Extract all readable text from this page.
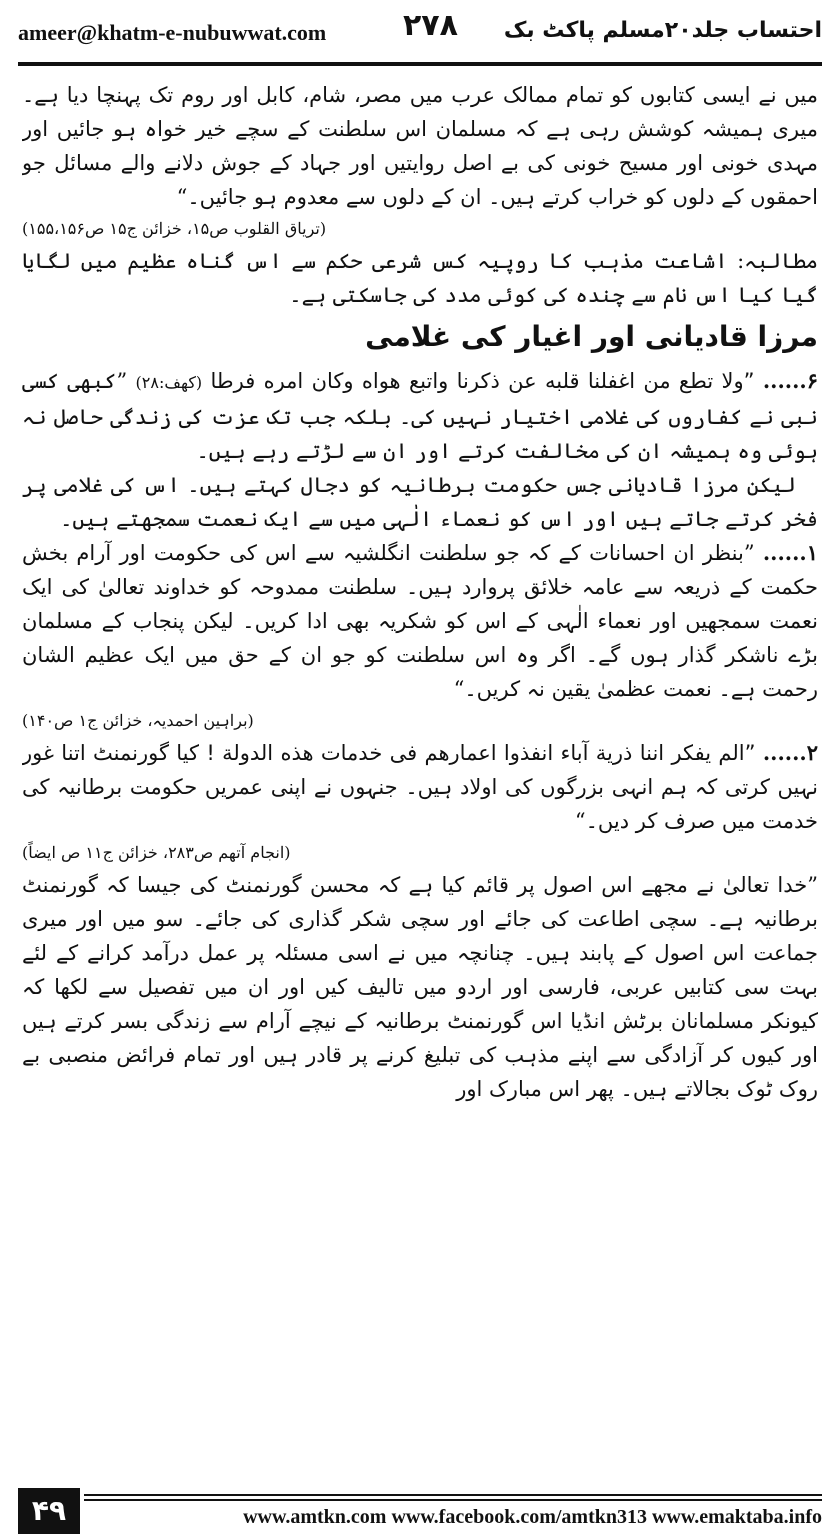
ameer@khatm-e-nubuwwat.com	۲۷۸ احتساب جلد۲۰مسلم پاکٹ بک

میں نے ایسی کتابوں کو تمام ممالک عرب میں مصر، شام، کابل اور روم تک پہنچا دیا ہے۔ میری ہمیشہ کوشش رہی ہے کہ مسلمان اس سلطنت کے سچے خیر خواہ ہو جائیں اور مہدی خونی اور مسیح خونی کی بے اصل روایتیں اور جہاد کے جوش دلانے والے مسائل جو احمقوں کے دلوں کو خراب کرتے ہیں۔ ان کے دلوں سے معدوم ہو جائیں۔“

(تریاق القلوب ص۱۵، خزائن ج۱۵ ص۱۵۵،۱۵۶)

مطالبہ: اشاعت مذہب کا روپیہ کس شرعی حکم سے اس گناہ عظیم میں لگایا گیا کیا اس نام سے چندہ کی کوئی مدد کی جاسکتی ہے۔

مرزا قادیانی اور اغیار کی غلامی

۶...... ”ولا تطع من اغفلنا قلبه عن ذكرنا واتبع هواه وكان امره فرطا (کھف:۲۸) ”کبھی کسی نبی نے کفاروں کی غلامی اختیار نہیں کی۔ بلکہ جب تک عزت کی زندگی حاصل نہ ہوئی وہ ہمیشہ ان کی مخالفت کرتے اور ان سے لڑتے رہے ہیں۔

لیکن مرزا قادیانی جس حکومت برطانیہ کو دجال کہتے ہیں۔ اس کی غلامی پر فخر کرتے جاتے ہیں اور اس کو نعماء الٰہی میں سے ایک نعمت سمجھتے ہیں۔

۱...... ”بنظر ان احسانات کے کہ جو سلطنت انگلشیہ سے اس کی حکومت اور آرام بخش حکمت کے ذریعہ سے عامہ خلائق پروارد ہیں۔ سلطنت ممدوحہ کو خداوند تعالیٰ کی ایک نعمت سمجھیں اور نعماء الٰہی کے اس کو شکریہ بھی ادا کریں۔ لیکن پنجاب کے مسلمان بڑے ناشکر گذار ہوں گے۔ اگر وہ اس سلطنت کو جو ان کے حق میں ایک عظیم الشان رحمت ہے۔ نعمت عظمیٰ یقین نہ کریں۔“

(براہین احمدیہ، خزائن ج۱ ص۱۴۰)

۲...... ”الم يفكر اننا ذرية آباء انفذوا اعمارهم فى خدمات هذه الدولة ! کیا گورنمنٹ اتنا غور نہیں کرتی کہ ہم انہی بزرگوں کی اولاد ہیں۔ جنہوں نے اپنی عمریں حکومت برطانیہ کی خدمت میں صرف کر دیں۔“

(انجام آتھم ص۲۸۳، خزائن ج۱۱ ص ایضاً)

”خدا تعالیٰ نے مجھے اس اصول پر قائم کیا ہے کہ محسن گورنمنٹ کی جیسا کہ گورنمنٹ برطانیہ ہے۔ سچی اطاعت کی جائے اور سچی شکر گذاری کی جائے۔ سو میں اور میری جماعت اس اصول کے پابند ہیں۔ چنانچہ میں نے اسی مسئلہ پر عمل درآمد کرانے کے لئے بہت سی کتابیں عربی، فارسی اور اردو میں تالیف کیں اور ان میں تفصیل سے لکھا کہ کیونکر مسلمانان برٹش انڈیا اس گورنمنٹ برطانیہ کے نیچے آرام سے زندگی بسر کرتے ہیں اور کیوں کر آزادگی سے اپنے مذہب کی تبلیغ کرنے پر قادر ہیں اور تمام فرائض منصبی بے روک ٹوک بجالاتے ہیں۔ پھر اس مبارک اور

۴۹	www.amtkn.com www.facebook.com/amtkn313 www.emaktaba.info
